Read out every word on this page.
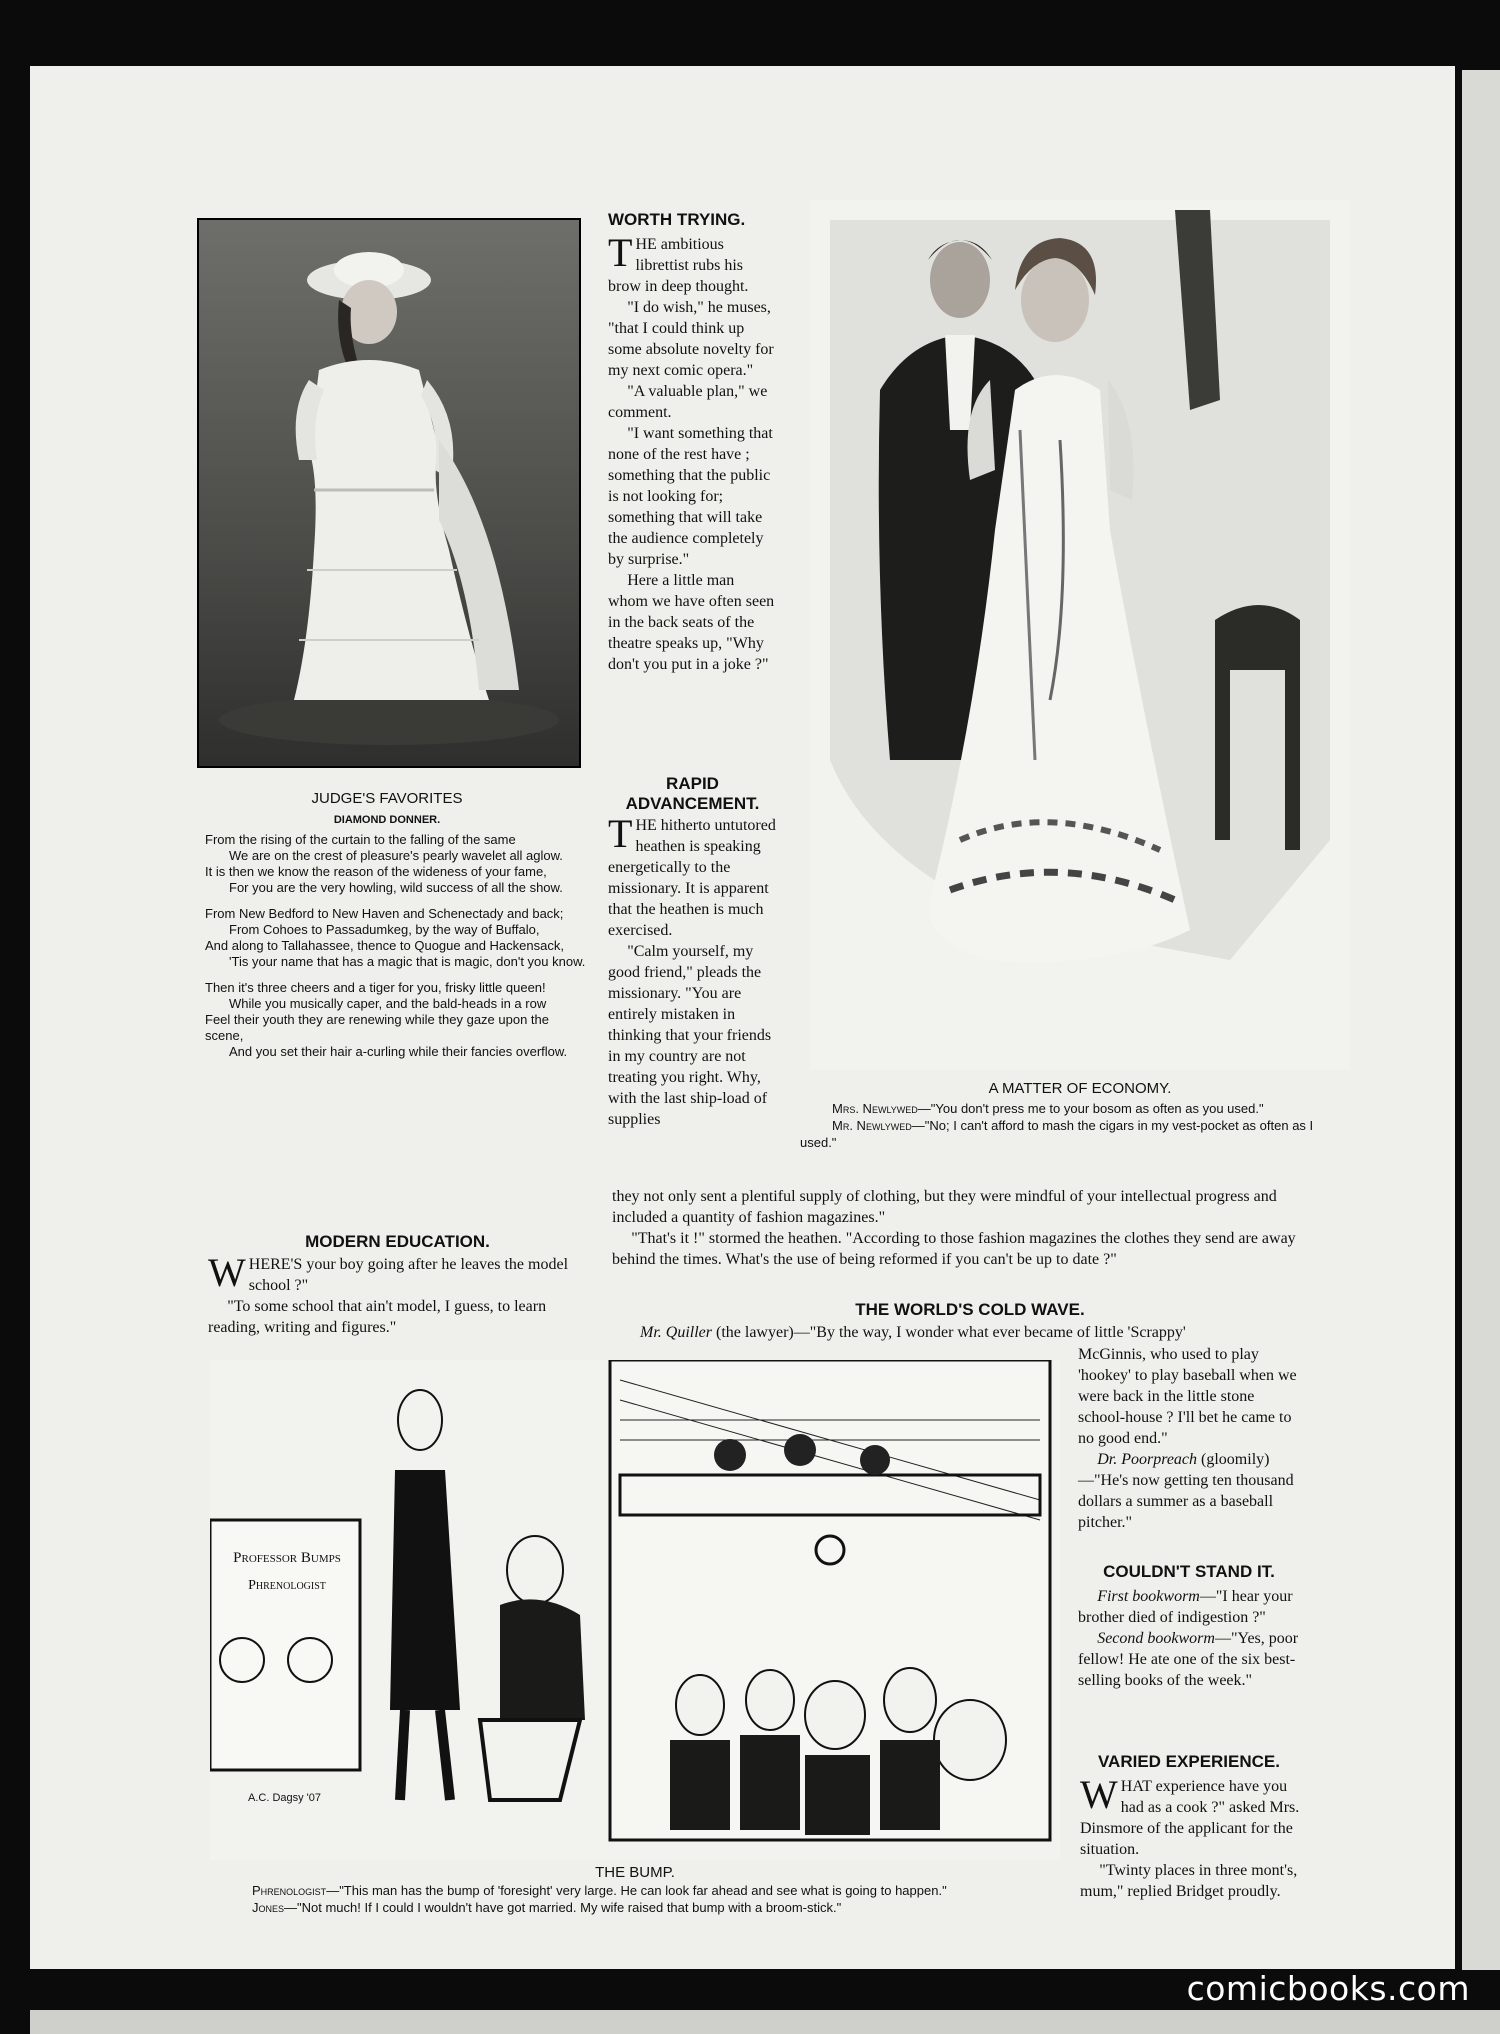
JUDGE'S FAVORITES
DIAMOND DONNER.
From the rising of the curtain to the falling of the same
We are on the crest of pleasure's pearly wavelet all aglow.
It is then we know the reason of the wideness of your fame,
For you are the very howling, wild success of all the show.
From New Bedford to New Haven and Schenectady and back;
From Cohoes to Passadumkeg, by the way of Buffalo,
And along to Tallahassee, thence to Quogue and Hackensack,
'Tis your name that has a magic that is magic, don't you know.
Then it's three cheers and a tiger for you, frisky little queen!
While you musically caper, and the bald-heads in a row
Feel their youth they are renewing while they gaze upon the scene,
And you set their hair a-curling while their fancies overflow.
MODERN EDUCATION.
W HERE'S your boy going after he leaves the model school ?"

"To some school that ain't model, I guess, to learn reading, writing and figures."

WORTH TRYING.
T HE ambitious librettist rubs his brow in deep thought.

"I do wish," he muses, "that I could think up some absolute novelty for my next comic opera."

"A valuable plan," we comment.

"I want something that none of the rest have ; something that the public is not looking for; something that will take the audience completely by surprise."

Here a little man whom we have often seen in the back seats of the theatre speaks up, "Why don't you put in a joke ?"

RAPID ADVANCEMENT.
T HE hitherto untutored heathen is speaking energetically to the missionary. It is apparent that the heathen is much exercised.

"Calm yourself, my good friend," pleads the missionary. "You are entirely mistaken in thinking that your friends in my country are not treating you right. Why, with the last ship-load of supplies

they not only sent a plentiful supply of clothing, but they were mindful of your intellectual progress and included a quantity of fashion magazines."

"That's it !" stormed the heathen. "According to those fashion magazines the clothes they send are away behind the times. What's the use of being reformed if you can't be up to date ?"

A MATTER OF ECONOMY.
Mrs. Newlywed—"You don't press me to your bosom as often as you used."
Mr. Newlywed—"No; I can't afford to mash the cigars in my vest-pocket as often as I used."
THE WORLD'S COLD WAVE.
Mr. Quiller (the lawyer)—"By the way, I wonder what ever became of little 'Scrappy'
McGinnis, who used to play 'hookey' to play baseball when we were back in the little stone school-house ? I'll bet he came to no good end."

Dr. Poorpreach (gloomily)—"He's now getting ten thousand dollars a summer as a baseball pitcher."

COULDN'T STAND IT.

First bookworm—"I hear your brother died of indigestion ?"

Second bookworm—"Yes, poor fellow! He ate one of the six best-selling books of the week."

VARIED EXPERIENCE.
W HAT experience have you had as a cook ?" asked Mrs. Dinsmore of the applicant for the situation.

"Twinty places in three mont's, mum," replied Bridget proudly.

Professor Bumps
Phrenologist
A.C. Dagsy '07
THE BUMP.
Phrenologist—"This man has the bump of 'foresight' very large. He can look far ahead and see what is going to happen."
Jones—"Not much! If I could I wouldn't have got married. My wife raised that bump with a broom-stick."
comicbooks.com
